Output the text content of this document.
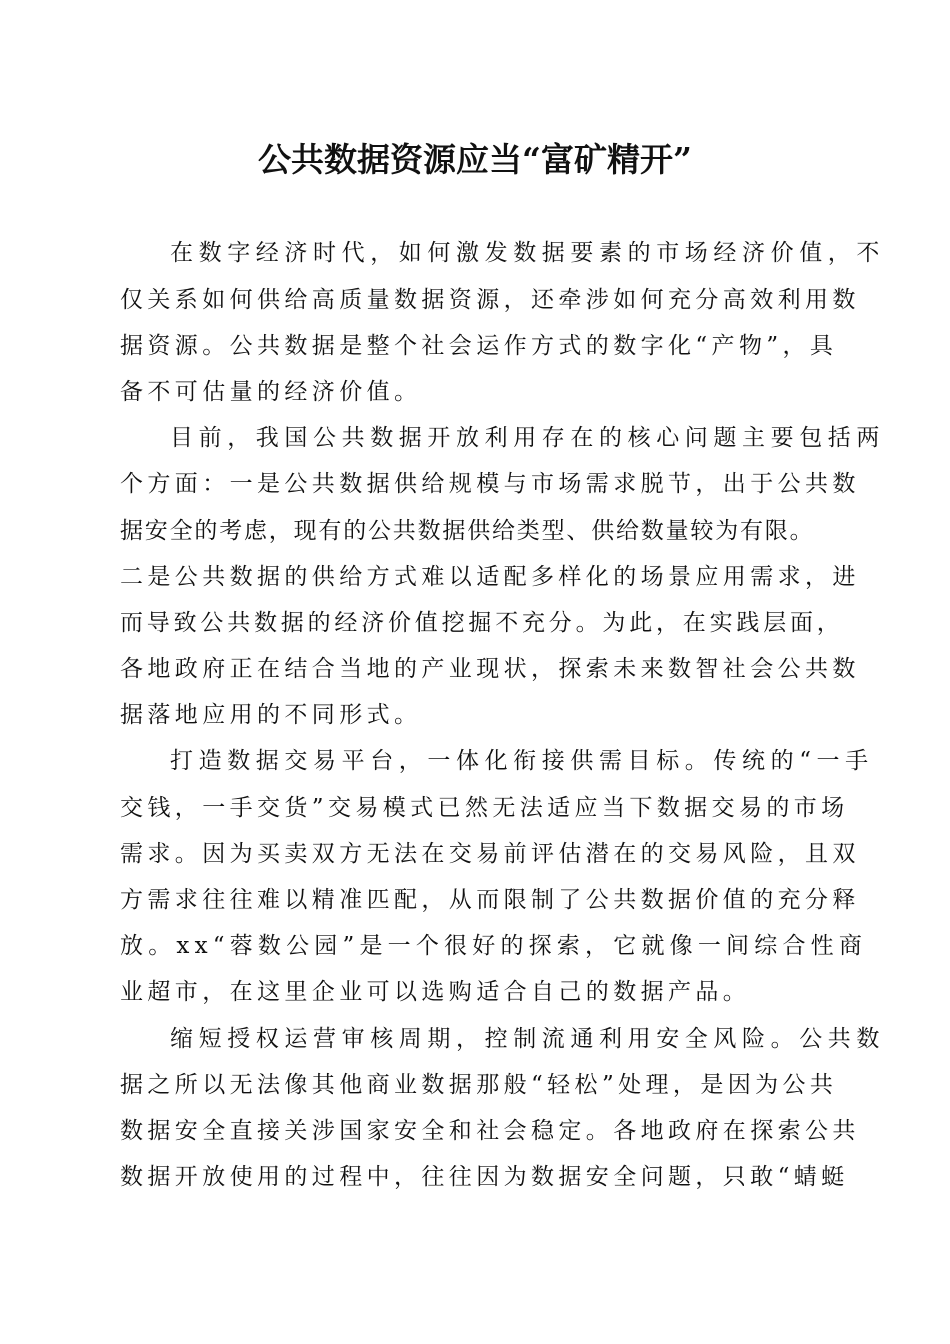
公共数据资源应当“富矿精开”

在数字经济时代，如何激发数据要素的市场经济价值，不

仅关系如何供给高质量数据资源，还牵涉如何充分高效利用数

据资源。公共数据是整个社会运作方式的数字化“产物”，具

备不可估量的经济价值。

目前，我国公共数据开放利用存在的核心问题主要包括两

个方面：一是公共数据供给规模与市场需求脱节，出于公共数

据安全的考虑，现有的公共数据供给类型、供给数量较为有限。

二是公共数据的供给方式难以适配多样化的场景应用需求，进

而导致公共数据的经济价值挖掘不充分。为此，在实践层面，

各地政府正在结合当地的产业现状，探索未来数智社会公共数

据落地应用的不同形式。

打造数据交易平台，一体化衔接供需目标。传统的“一手

交钱，一手交货”交易模式已然无法适应当下数据交易的市场

需求。因为买卖双方无法在交易前评估潜在的交易风险，且双

方需求往往难以精准匹配，从而限制了公共数据价值的充分释

放。xx“蓉数公园”是一个很好的探索，它就像一间综合性商

业超市，在这里企业可以选购适合自己的数据产品。

缩短授权运营审核周期，控制流通利用安全风险。公共数

据之所以无法像其他商业数据那般“轻松”处理，是因为公共

数据安全直接关涉国家安全和社会稳定。各地政府在探索公共

数据开放使用的过程中，往往因为数据安全问题，只敢“蜻蜓
